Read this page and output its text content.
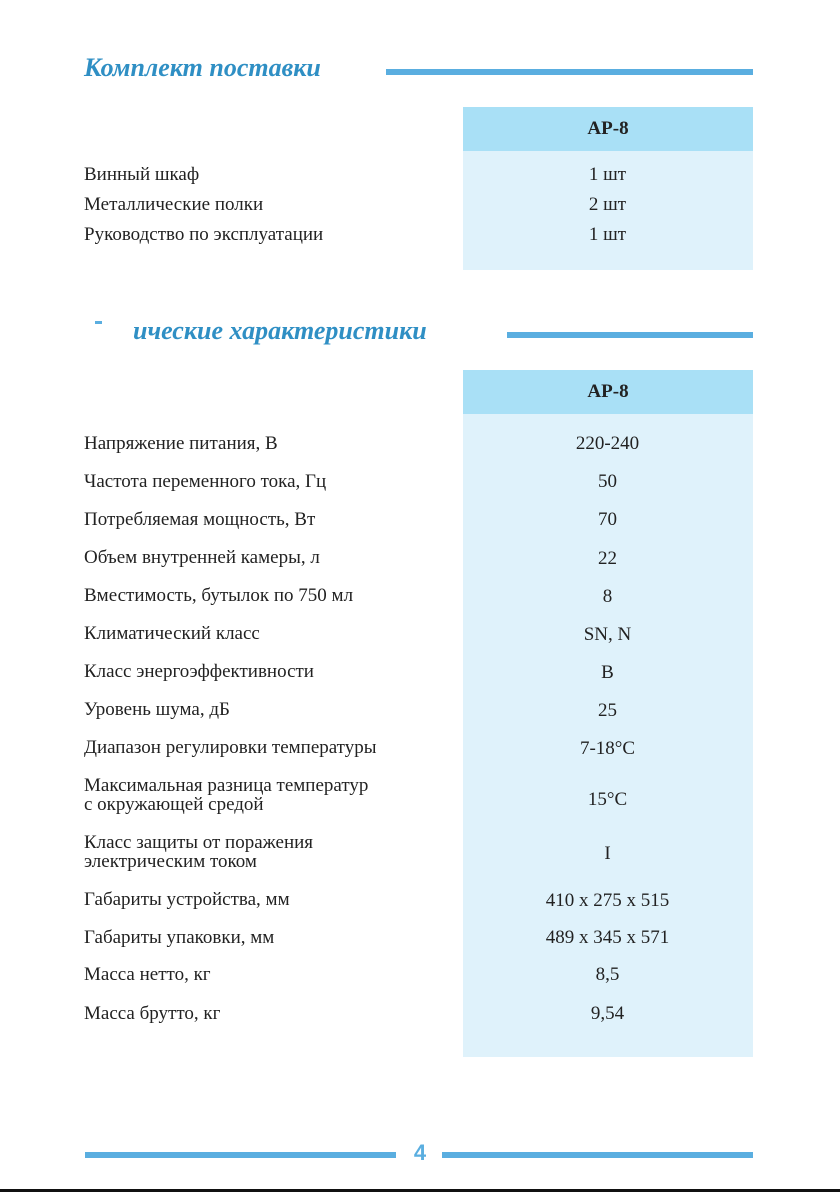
Комплект поставки
AP-8
Винный шкаф	1 шт
Металлические полки	2 шт
Руководство по эксплуатации	1 шт
ические характеристики
AP-8
Напряжение питания, В	220-240
Частота переменного тока, Гц	50
Потребляемая мощность, Вт	70
Объем внутренней камеры, л	22
Вместимость, бутылок по 750 мл	8
Климатический класс	SN, N
Класс энергоэффективности	B
Уровень шума, дБ	25
Диапазон регулировки температуры	7-18°C
Максимальная разница температур
с окружающей средой	15°C
Класс защиты от поражения
электрическим током	I
Габариты устройства, мм	410 х 275 х 515
Габариты упаковки, мм	489 х 345 х 571
Масса нетто, кг	8,5
Масса брутто, кг	9,54
4
